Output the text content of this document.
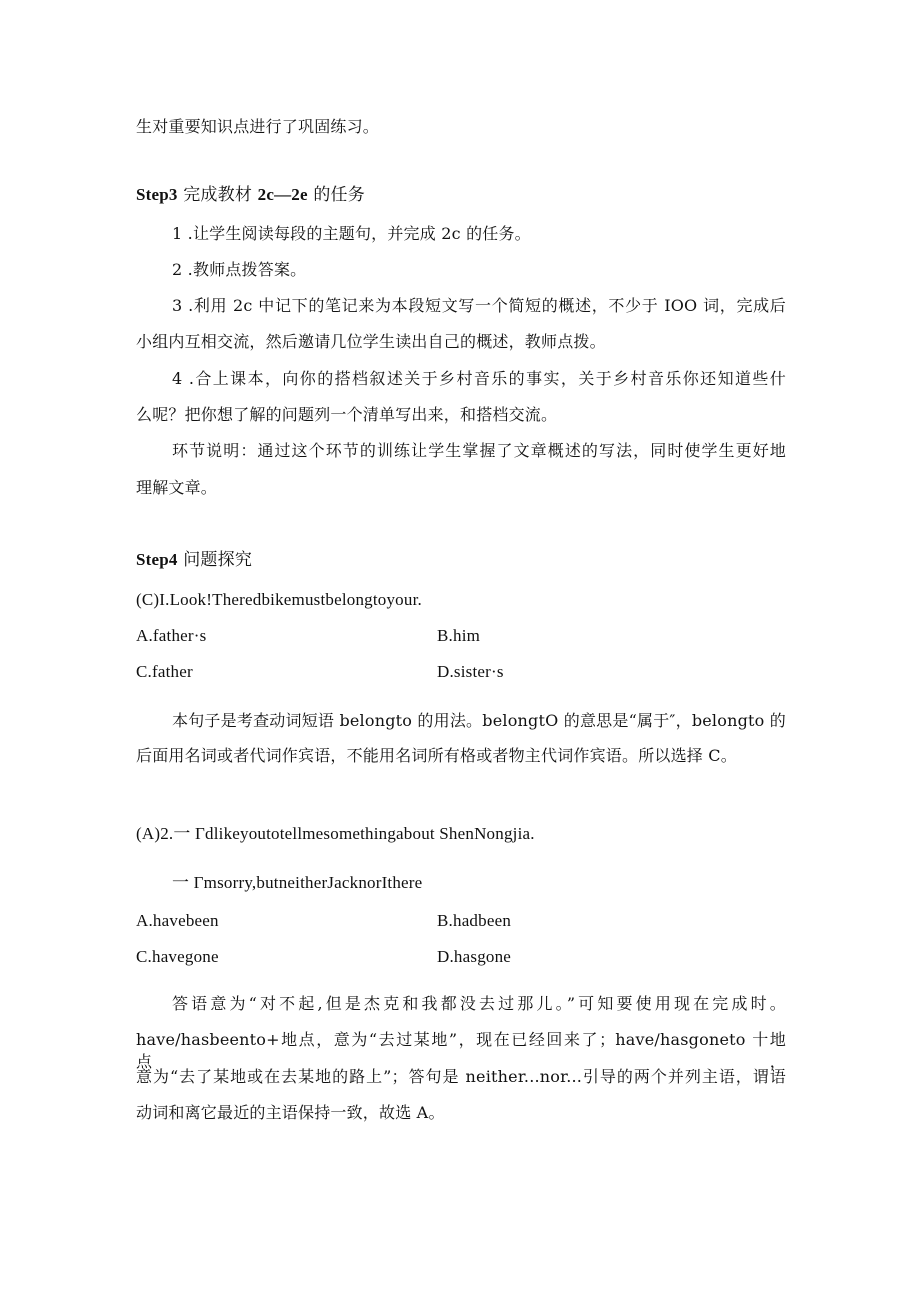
生对重要知识点进行了巩固练习。

Step3 完成教材 2c—2e 的任务

1 .让学生阅读每段的主题句，并完成 2c 的任务。

2 .教师点拨答案。

3 .利用 2c 中记下的笔记来为本段短文写一个简短的概述，不少于 IOO 词，完成后

小组内互相交流，然后邀请几位学生读出自己的概述，教师点拨。

4 .合上课本，向你的搭档叙述关于乡村音乐的事实，关于乡村音乐你还知道些什

么呢？把你想了解的问题列一个清单写出来，和搭档交流。

环节说明：通过这个环节的训练让学生掌握了文章概述的写法，同时使学生更好地

理解文章。

Step4 问题探究

(C)I.Look!Theredbikemustbelongtoyour.

A.father·s	B.him

C.father	D.sister·s

本句子是考查动词短语 belongto 的用法。belongtO 的意思是“属于″，belongto 的

后面用名词或者代词作宾语，不能用名词所有格或者物主代词作宾语。所以选择 C。

(A)2.一 Γdlikeyoutotellmesomethingabout ShenNongjia.

一 Γmsorry,butneitherJacknorIthere

A.havebeen	B.hadbeen

C.havegone	D.hasgone

答语意为“对不起,但是杰克和我都没去过那儿。”可知要使用现在完成时。

have/hasbeento+地点，意为“去过某地”，现在已经回来了；have/hasgoneto 十地点，

意为“去了某地或在去某地的路上”；答句是 neither...nor...引导的两个并列主语，谓语

动词和离它最近的主语保持一致，故选 A。
